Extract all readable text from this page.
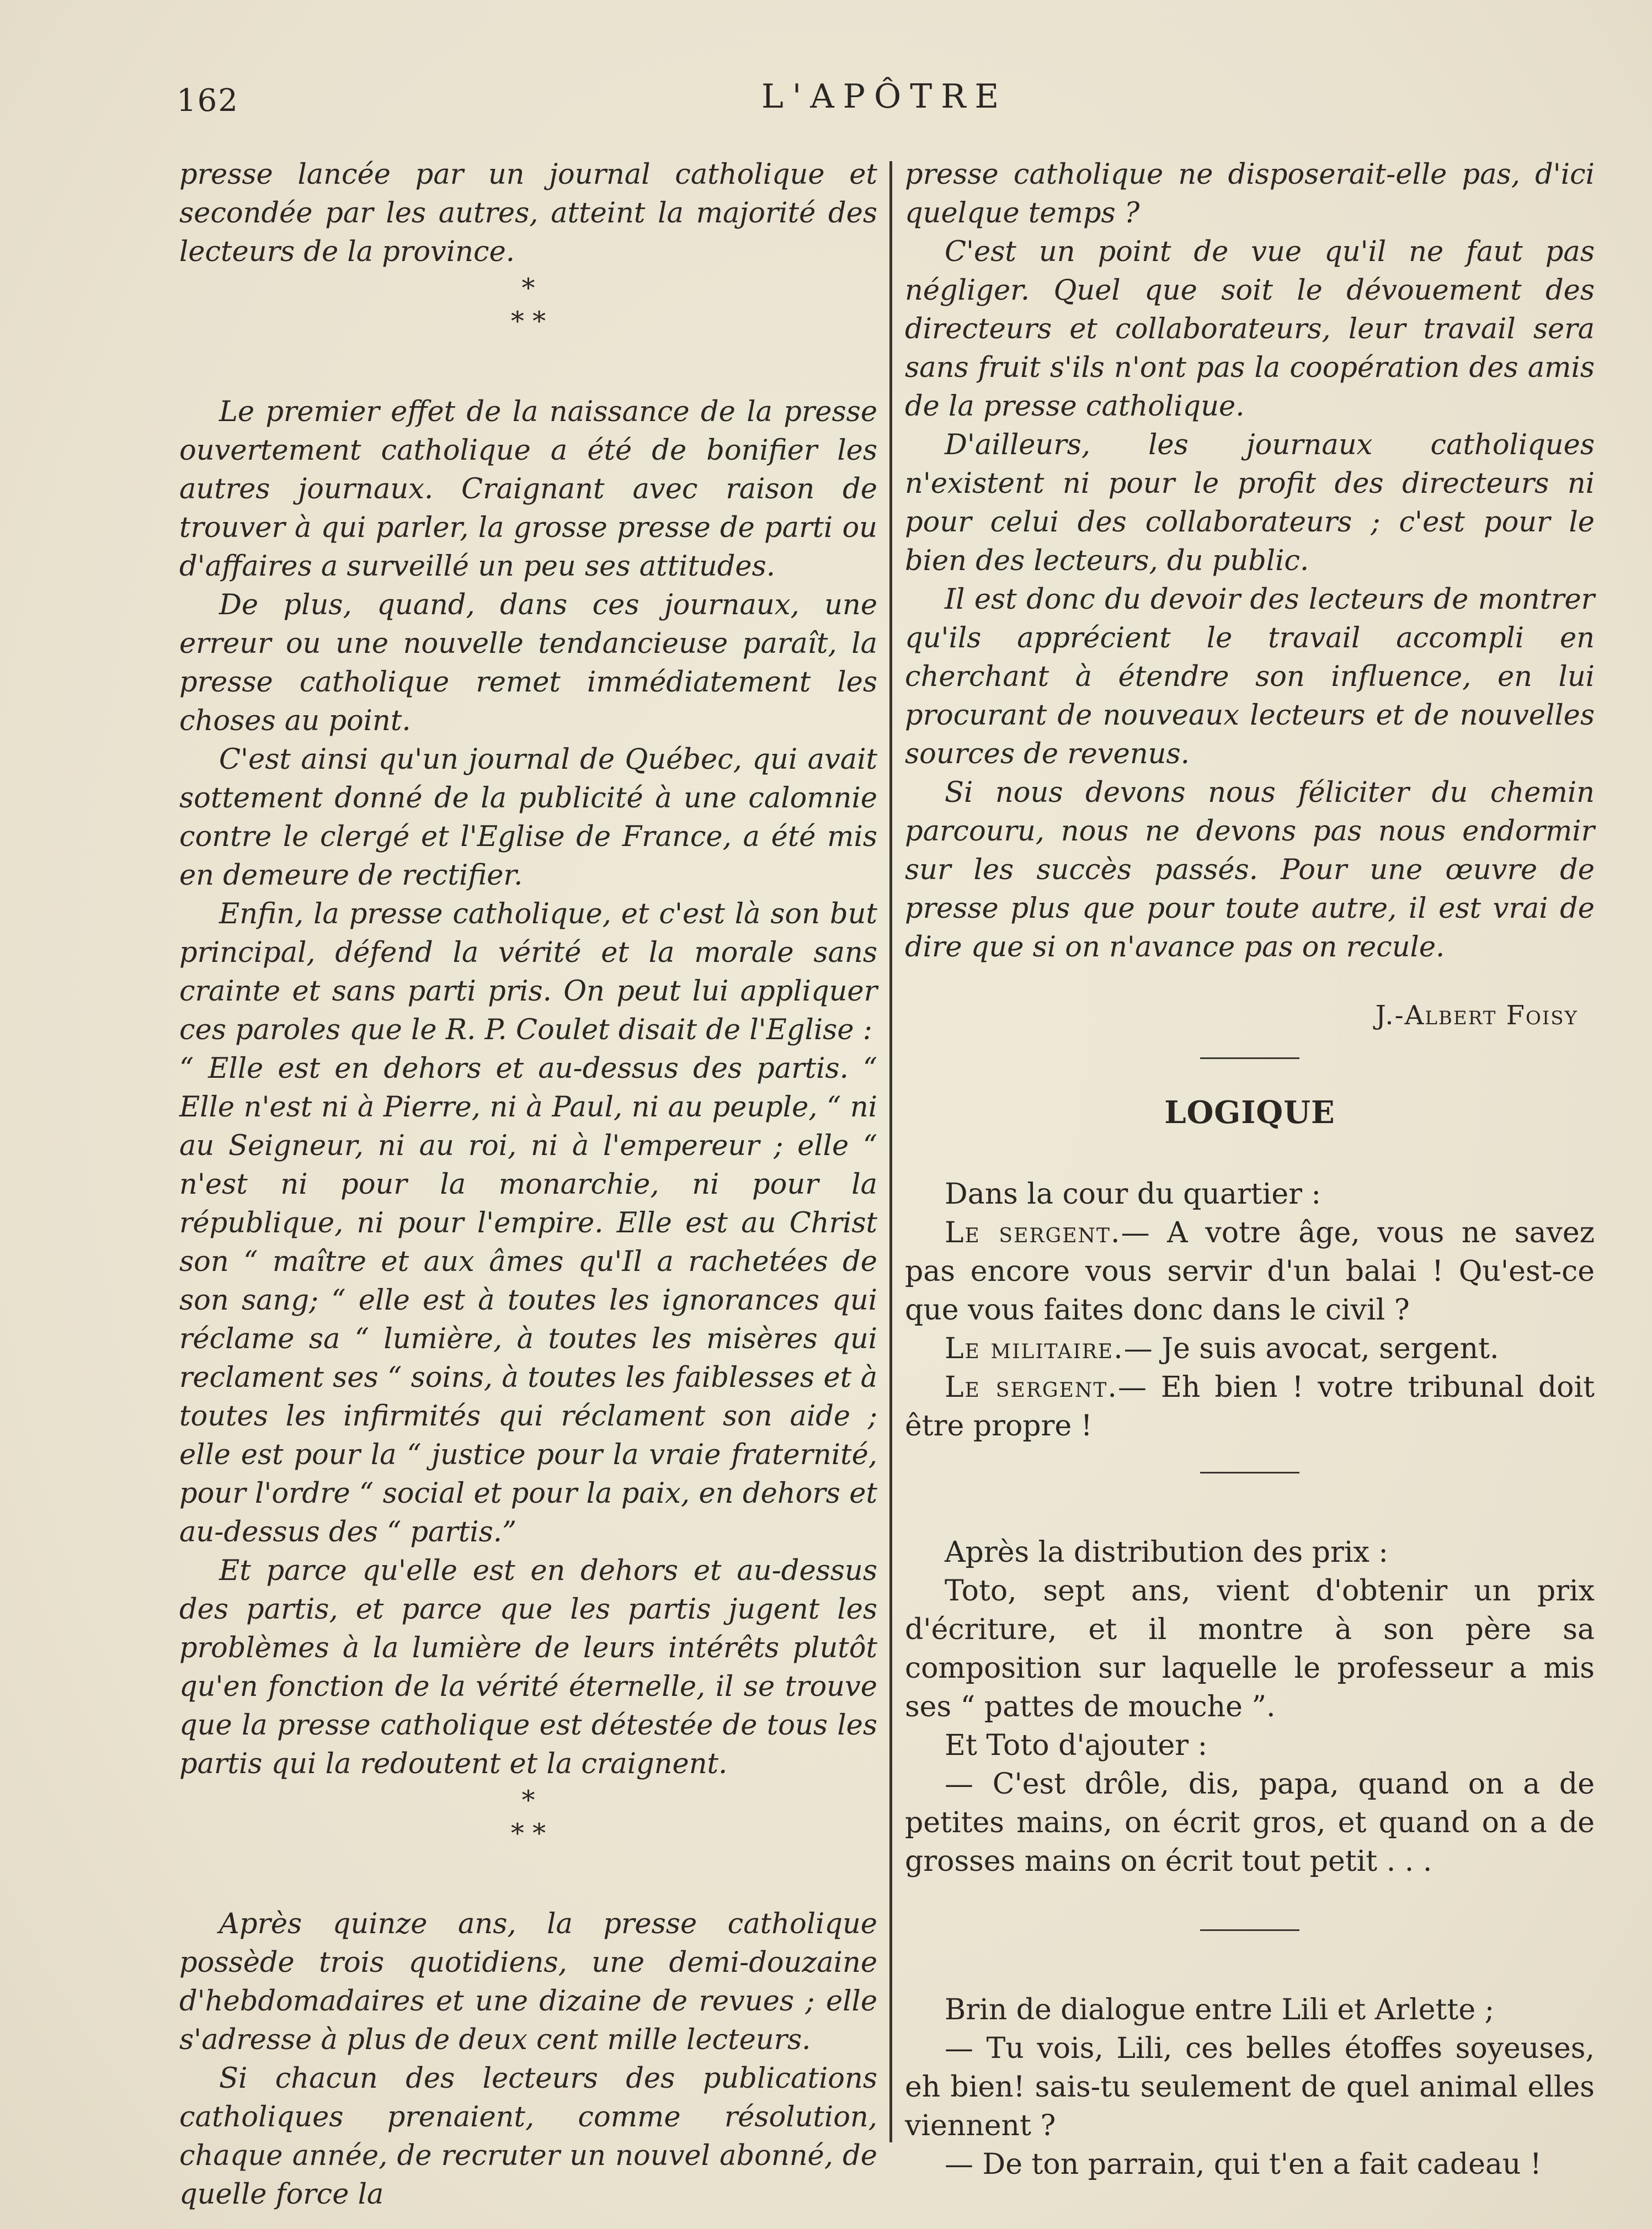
162	L'APÔTRE

presse lancée par un journal catholique et secondée par les autres, atteint la majorité des lecteurs de la province.

*
* *

Le premier effet de la naissance de la presse ouvertement catholique a été de bonifier les autres journaux. Craignant avec raison de trouver à qui parler, la grosse presse de parti ou d'affaires a surveillé un peu ses attitudes.

De plus, quand, dans ces journaux, une erreur ou une nouvelle tendancieuse paraît, la presse catholique remet immédiatement les choses au point.

C'est ainsi qu'un journal de Québec, qui avait sottement donné de la publicité à une calomnie contre le clergé et l'Eglise de France, a été mis en demeure de rectifier.

Enfin, la presse catholique, et c'est là son but principal, défend la vérité et la morale sans crainte et sans parti pris. On peut lui appliquer ces paroles que le R. P. Coulet disait de l'Eglise :

“ Elle est en dehors et au-dessus des partis. “ Elle n'est ni à Pierre, ni à Paul, ni au peuple, “ ni au Seigneur, ni au roi, ni à l'empereur ; elle “ n'est ni pour la monarchie, ni pour la république, ni pour l'empire. Elle est au Christ son “ maître et aux âmes qu'Il a rachetées de son sang; “ elle est à toutes les ignorances qui réclame sa “ lumière, à toutes les misères qui reclament ses “ soins, à toutes les faiblesses et à toutes les infirmités qui réclament son aide ; elle est pour la “ justice pour la vraie fraternité, pour l'ordre “ social et pour la paix, en dehors et au-dessus des “ partis.”

Et parce qu'elle est en dehors et au-dessus des partis, et parce que les partis jugent les problèmes à la lumière de leurs intérêts plutôt qu'en fonction de la vérité éternelle, il se trouve que la presse catholique est détestée de tous les partis qui la redoutent et la craignent.

*
* *

Après quinze ans, la presse catholique possède trois quotidiens, une demi-douzaine d'hebdomadaires et une dizaine de revues ; elle s'adresse à plus de deux cent mille lecteurs.

Si chacun des lecteurs des publications catholiques prenaient, comme résolution, chaque année, de recruter un nouvel abonné, de quelle force la

presse catholique ne disposerait-elle pas, d'ici quelque temps ?

C'est un point de vue qu'il ne faut pas négliger. Quel que soit le dévouement des directeurs et collaborateurs, leur travail sera sans fruit s'ils n'ont pas la coopération des amis de la presse catholique.

D'ailleurs, les journaux catholiques n'existent ni pour le profit des directeurs ni pour celui des collaborateurs ; c'est pour le bien des lecteurs, du public.

Il est donc du devoir des lecteurs de montrer qu'ils apprécient le travail accompli en cherchant à étendre son influence, en lui procurant de nouveaux lecteurs et de nouvelles sources de revenus.

Si nous devons nous féliciter du chemin parcouru, nous ne devons pas nous endormir sur les succès passés. Pour une œuvre de presse plus que pour toute autre, il est vrai de dire que si on n'avance pas on recule.

J.-Albert Foisy
LOGIQUE

Dans la cour du quartier :

Le sergent.— A votre âge, vous ne savez pas encore vous servir d'un balai ! Qu'est-ce que vous faites donc dans le civil ?

Le militaire.— Je suis avocat, sergent.

Le sergent.— Eh bien ! votre tribunal doit être propre !

Après la distribution des prix :

Toto, sept ans, vient d'obtenir un prix d'écriture, et il montre à son père sa composition sur laquelle le professeur a mis ses “ pattes de mouche ”.

Et Toto d'ajouter :

— C'est drôle, dis, papa, quand on a de petites mains, on écrit gros, et quand on a de grosses mains on écrit tout petit . . .

Brin de dialogue entre Lili et Arlette ;

— Tu vois, Lili, ces belles étoffes soyeuses, eh bien! sais-tu seulement de quel animal elles viennent ?

— De ton parrain, qui t'en a fait cadeau !
